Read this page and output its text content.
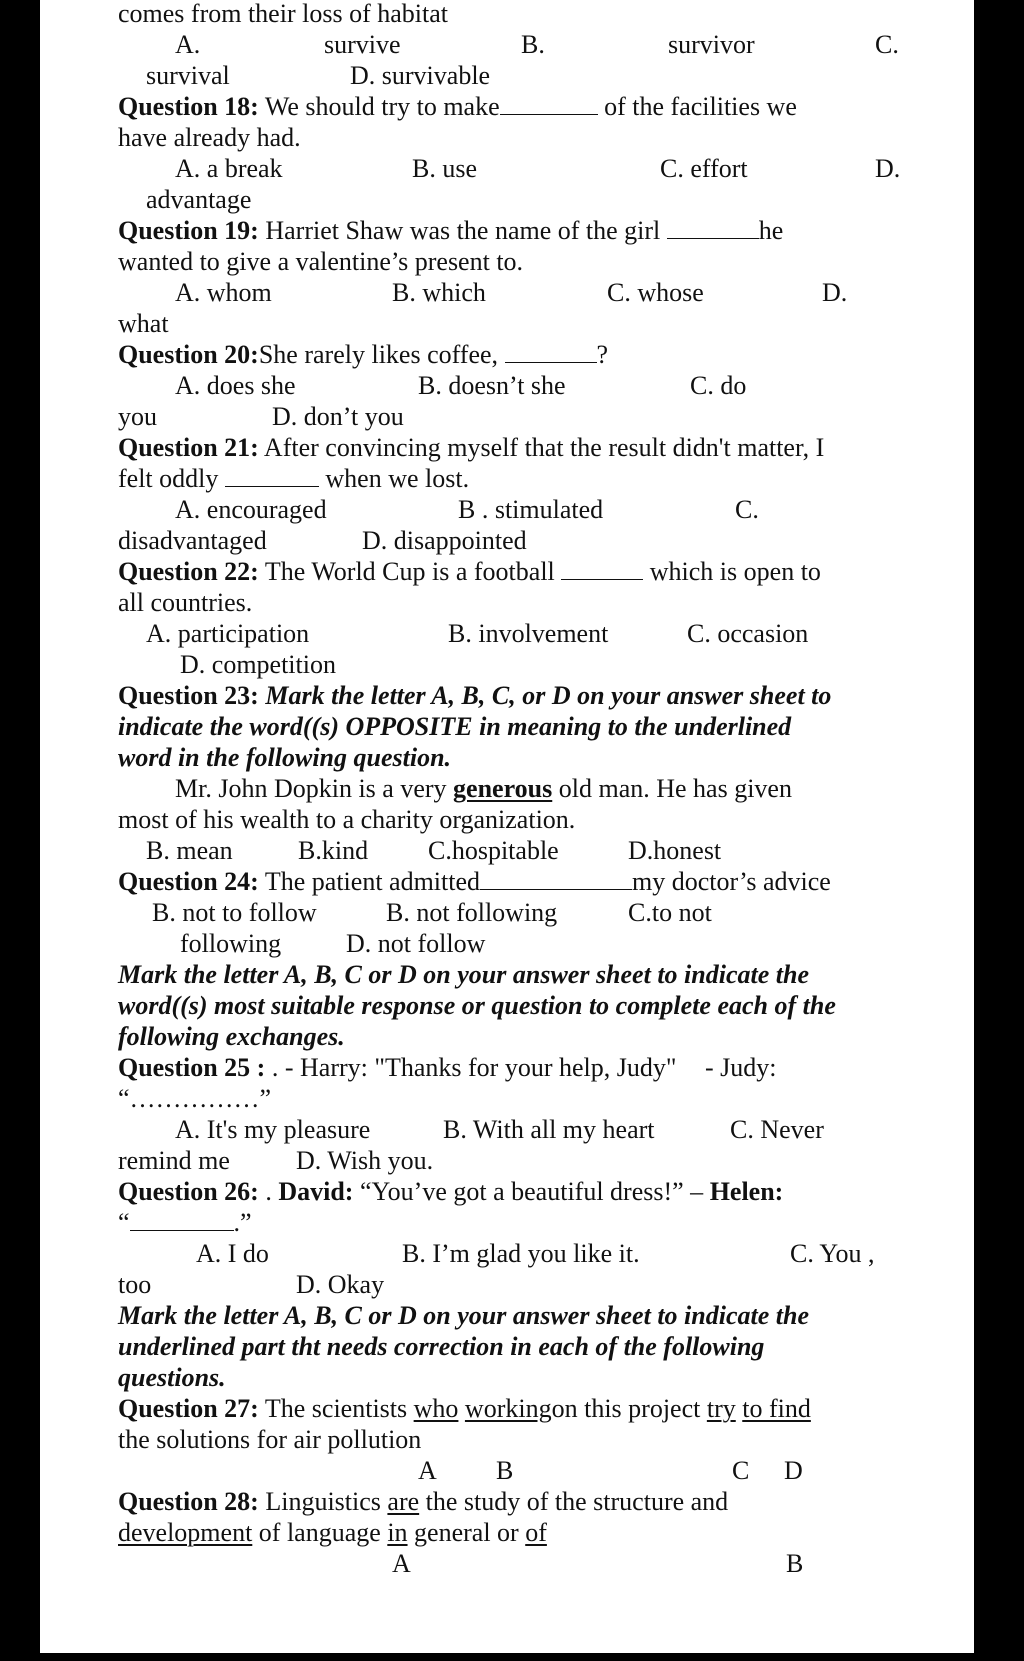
comes from their loss of habitat
A.	survive	B.	survivor	C.
survival	D. survivable
Question 18: We should try to make	of the facilities we
have already had.
A. a break	B. use	C. effort	D.
advantage
Question 19: Harriet Shaw was the name of the girl	he
wanted to give a valentine’s present to.
A. whom	B. which	C. whose	D.
what
Question 20:She rarely likes coffee,	?
A. does she	B. doesn’t she	C. do
you	D. don’t you
Question 21: After convincing myself that the result didn't matter, I
felt oddly	when we lost.
A. encouraged	B . stimulated	C.
disadvantaged	D. disappointed
Question 22: The World Cup is a football	which is open to
all countries.
A. participation	B. involvement	C. occasion
D. competition
Question 23: Mark the letter A, B, C, or D on your answer sheet to
indicate the word((s) OPPOSITE in meaning to the underlined
word in the following question.
Mr. John Dopkin is a very generous old man. He has given
most of his wealth to a charity organization.
B. mean	B.kind C.hospitable	D.honest
Question 24: The patient admitted	my doctor’s advice
B. not to follow	B. not following	C.to not
following D. not follow
Mark the letter A, B, C or D on your answer sheet to indicate the
word((s) most suitable response or question to complete each of the
following exchanges.
Question 25 : . - Harry: "Thanks for your help, Judy" - Judy:
“……………”
A. It's my pleasure	B. With all my heart	C. Never
remind me	D. Wish you.
Question 26: . David: “You’ve got a beautiful dress!” – Helen:
“	.”
A. I do	B. I’m glad you like it.	C. You ,
too	D. Okay
Mark the letter A, B, C or D on your answer sheet to indicate the
underlined part tht needs correction in each of the following
questions.
Question 27: The scientists who workingon this project try to find
the solutions for air pollution
A B	C D
Question 28: Linguistics are the study of the structure and
development of language in general or of
A	B
